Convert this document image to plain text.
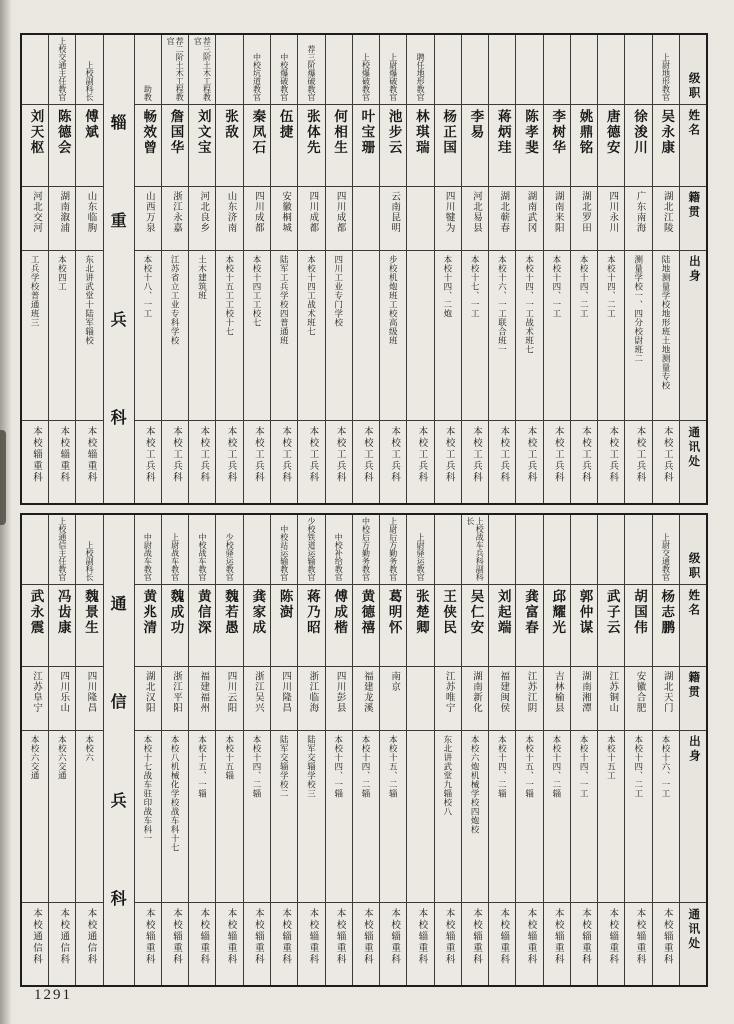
级职
姓名
籍贯
出身
通讯处
上尉地形教官
吴永康
湖北江陵
陆地测量学校地形班土地测量专校
本校工兵科
徐浚川
广东南海
测量学校一、四分校尉班二
本校工兵科
唐德安
四川永川
本校十四、二工
本校工兵科
姚鼎铭
湖北罗田
本校十四、二工
本校工兵科
李树华
湖南来阳
本校十四、一工
本校工兵科
陈孝斐
湖南武冈
本校十四、一工战术班七
本校工兵科
蒋炳珪
湖北蕲春
本校十六、一工联合班一
本校工兵科
李易
河北易县
本校十七、一工
本校工兵科
杨正国
四川犍为
本校十四、二炮
本校工兵科
聘任地形教官
林琪瑞
本校工兵科
上尉爆破教官
池步云
云南昆明
步校机炮班工校高级班
本校工兵科
上校爆破教官
叶宝珊
本校工兵科
何相生
四川成都
四川工业专门学校
本校工兵科
荐三阶爆破教官
张体先
四川成都
本校十四工战术班七
本校工兵科
中校爆破教官
伍捷
安徽桐城
陆军工兵学校四普通班
本校工兵科
中校坑道教官
秦凤石
四川成都
本校十四工工校七
本校工兵科
张敌
山东济南
本校十五工工校十七
本校工兵科
荐三阶土木工程教官
刘文宝
河北良乡
土木建筑班
本校工兵科
荐二阶土木工程教官
詹国华
浙江永嘉
江苏省立工业专科学校
本校工兵科
助教
畅效曾
山西万泉
本校十八、一工
本校工兵科
辎
重
兵
科
上校副科长
傅斌
山东临朐
东北讲武堂十陆军辎校
本校辎重科
上校交通主任教官
陈德会
湖南溆浦
本校四工
本校辎重科
刘天枢
河北交河
工兵学校普通班三
本校辎重科
级职
姓名
籍贯
出身
通讯处
上尉交通教官
杨志鹏
湖北天门
本校十六、一工
本校辎重科
胡国伟
安徽合肥
本校十四、二工
本校辎重科
武子云
江苏铜山
本校十五工
本校辎重科
郭仲谋
湖南湘潭
本校十四、一工
本校辎重科
邱耀光
吉林榆县
本校十四、二辎
本校辎重科
龚富春
江苏江阴
本校十五、一辎
本校辎重科
刘起端
福建闽侯
本校十四、二辎
本校辎重科
上校战车兵科副科长
吴仁安
湖南新化
本校六炮机械学校四炮校
本校辎重科
王侠民
江苏唯宁
东北讲武堂九辎校八
本校辎重科
上尉驿运教官
张楚卿
本校辎重科
上尉后方勤务教官
葛明怀
南京
本校十五、二辎
本校辎重科
中校后方勤务教官
黄德禧
福建龙溪
本校十四、二辎
本校辎重科
中校补给教官
傅成楷
四川彭县
本校十四、一辎
本校辎重科
少校铁道运输教官
蒋乃昭
浙江临海
陆军交辎学校三
本校辎重科
中校站运输教官
陈澍
四川隆昌
陆军交辎学校二
本校辎重科
龚家成
浙江吴兴
本校十四、二辎
本校辎重科
少校驿运教官
魏若愚
四川云阳
本校十五辎
本校辎重科
中校战车教官
黄信深
福建福州
本校十五、一辎
本校辎重科
上尉战车教官
魏成功
浙江平阳
本校八机械化学校战车科十七
本校辎重科
中尉战车教官
黄兆清
湖北汉阳
本校十七战车驻印战车科一
本校辎重科
通
信
兵
科
上校副科长
魏景生
四川隆昌
本校六
本校通信科
上校通信主任教官
冯齿康
四川乐山
本校六交通
本校通信科
武永震
江苏阜宁
本校六交通
本校通信科
1291
